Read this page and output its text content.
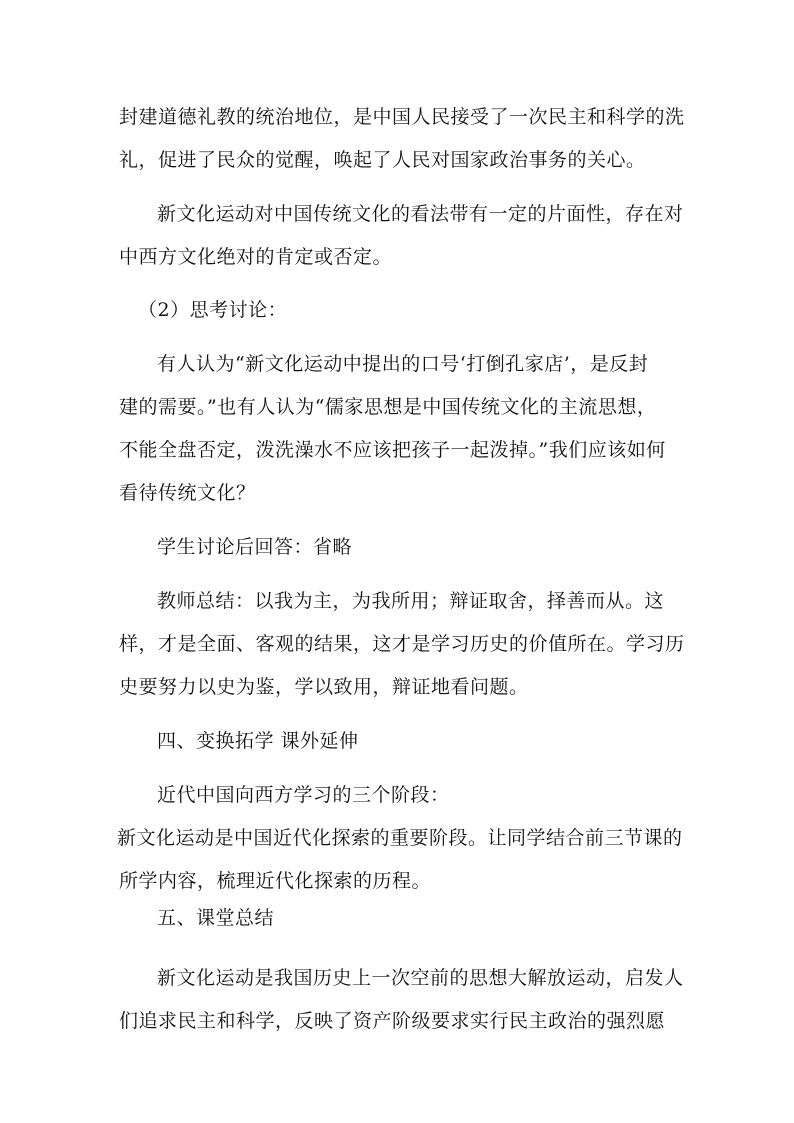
封建道德礼教的统治地位，是中国人民接受了一次民主和科学的洗
礼，促进了民众的觉醒，唤起了人民对国家政治事务的关心。
新文化运动对中国传统文化的看法带有一定的片面性，存在对
中西方文化绝对的肯定或否定。
（2）思考讨论：
有人认为“新文化运动中提出的口号‘打倒孔家店’，是反封
建的需要。”也有人认为“儒家思想是中国传统文化的主流思想，
不能全盘否定，泼洗澡水不应该把孩子一起泼掉。”我们应该如何
看待传统文化？
学生讨论后回答：省略
教师总结：以我为主，为我所用；辩证取舍，择善而从。这
样，才是全面、客观的结果，这才是学习历史的价值所在。学习历
史要努力以史为鉴，学以致用，辩证地看问题。
四、变换拓学 课外延伸
近代中国向西方学习的三个阶段：
新文化运动是中国近代化探索的重要阶段。让同学结合前三节课的
所学内容，梳理近代化探索的历程。
五、课堂总结
新文化运动是我国历史上一次空前的思想大解放运动，启发人
们追求民主和科学，反映了资产阶级要求实行民主政治的强烈愿
